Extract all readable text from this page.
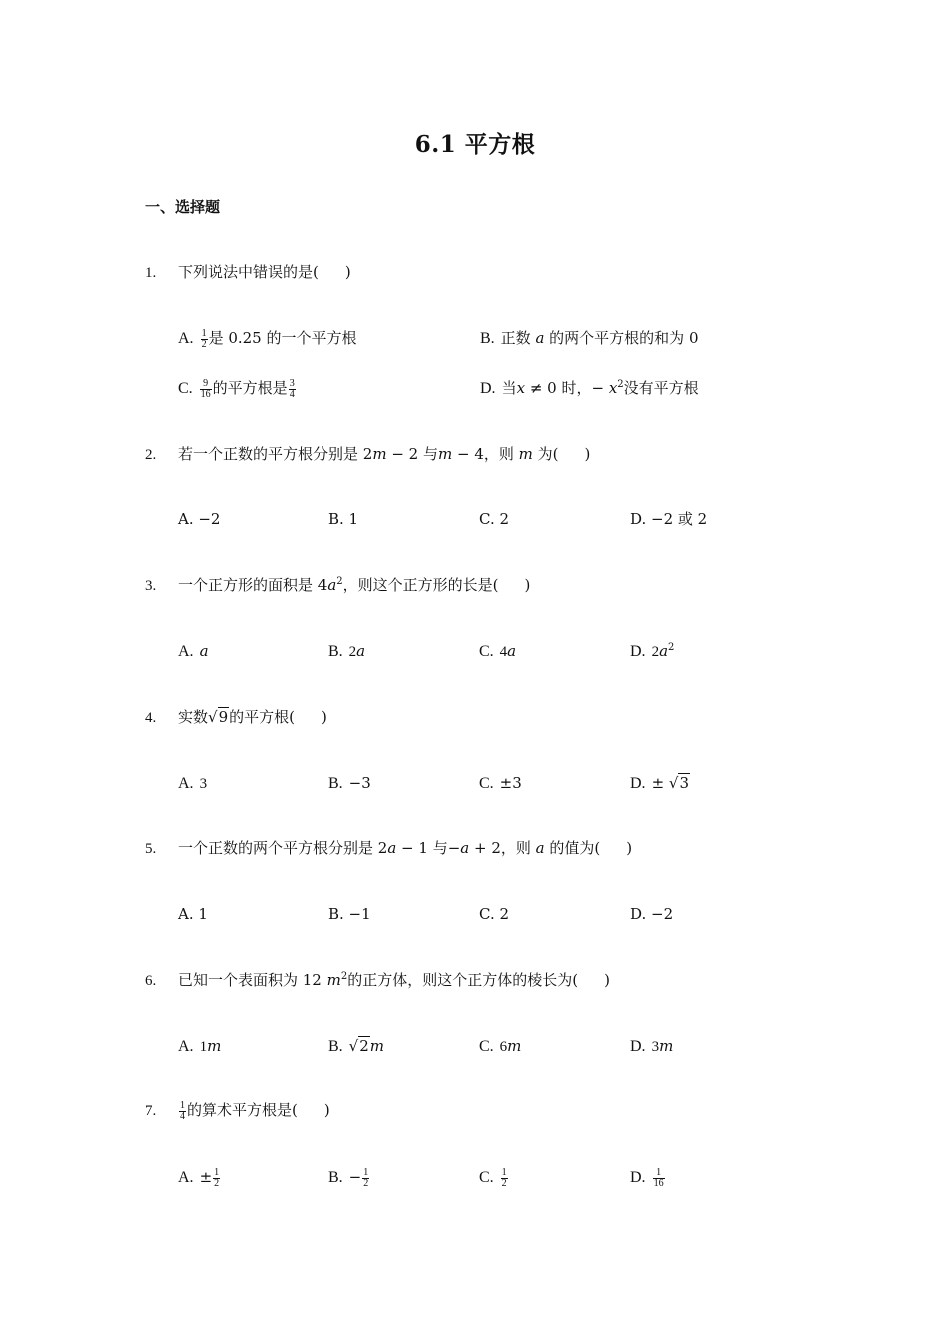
6.1 平方根
一、选择题
1. 下列说法中错误的是( )
A. $\frac{1}{2}$ 是 0.25 的一个平方根	B. 正数 a 的两个平方根的和为 0
C. $\frac{9}{16}$ 的平方根是 $\frac{3}{4}$	D. 当x ≠ 0 时，− $x^2$没有平方根
2. 若一个正数的平方根分别是 2m − 2 与m − 4，则 m 为( )
A. −2	B. 1	C. 2	D. −2 或 2
3. 一个正方形的面积是 $4a^2$，则这个正方形的长是( )
A. a	B. 2a	C. 4a	D. $2a^2$
4. 实数√9的平方根( )
A. 3	B. −3	C. ±3	D. ± √3
5. 一个正数的两个平方根分别是 2a − 1 与−a + 2，则 a 的值为( )
A. 1	B. −1	C. 2	D. −2
6. 已知一个表面积为 12 $m^2$的正方体，则这个正方体的棱长为( )
A. 1m	B. √2m	C. 6m	D. 3m
7. $\frac{1}{4}$ 的算术平方根是( )
A. ± $\frac{1}{2}$	B. − $\frac{1}{2}$	C. $\frac{1}{2}$	D. $\frac{1}{16}$
